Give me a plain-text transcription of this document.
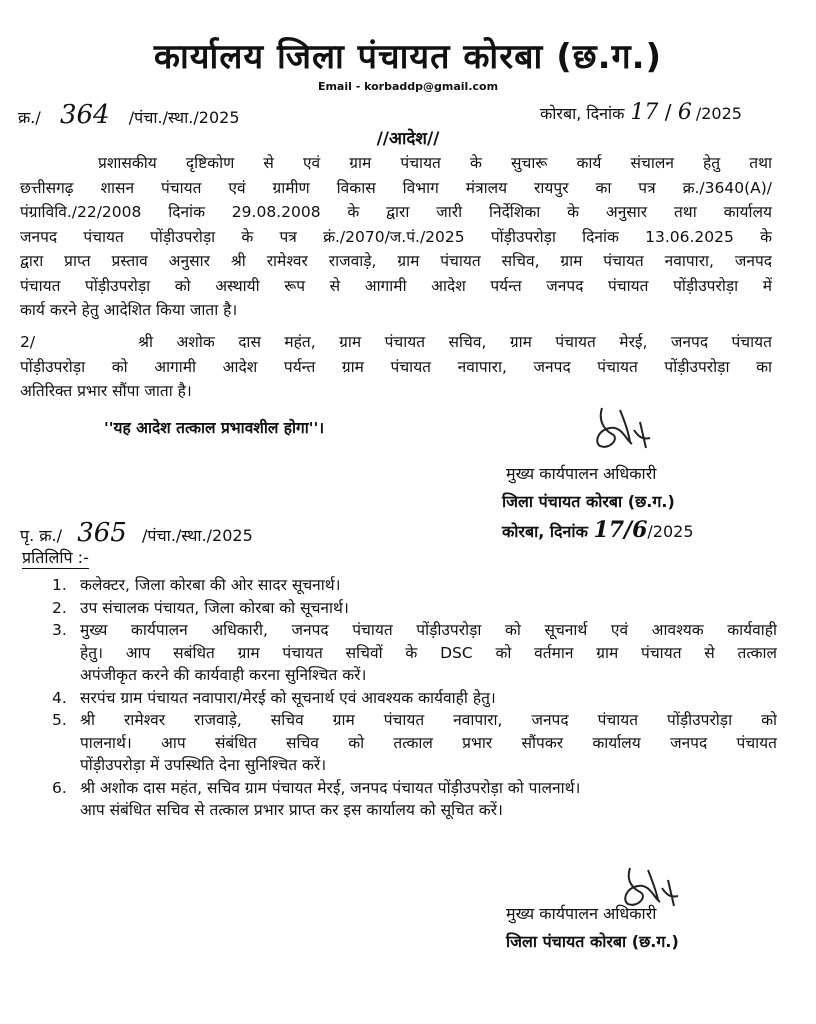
कार्यालय जिला पंचायत कोरबा (छ.ग.)
Email - korbaddp@gmail.com
क्र./ 364 /पंचा./स्था./2025	कोरबा, दिनांक 17 / 6 /2025
//आदेश//
प्रशासकीय दृष्टिकोण से एवं ग्राम पंचायत के सुचारू कार्य संचालन हेतु तथा
छत्तीसगढ़ शासन पंचायत एवं ग्रामीण विकास विभाग मंत्रालय रायपुर का पत्र क्र./3640(A)/
पंग्राविवि./22/2008 दिनांक 29.08.2008 के द्वारा जारी निर्देशिका के अनुसार तथा कार्यालय
जनपद पंचायत पोंड़ीउपरोड़ा के पत्र क्रं./2070/ज.पं./2025 पोंड़ीउपरोड़ा दिनांक 13.06.2025 के
द्वारा प्राप्त प्रस्ताव अनुसार श्री रामेश्वर राजवाड़े, ग्राम पंचायत सचिव, ग्राम पंचायत नवापारा, जनपद
पंचायत पोंड़ीउपरोड़ा को अस्थायी रूप से आगामी आदेश पर्यन्त जनपद पंचायत पोंड़ीउपरोड़ा में
कार्य करने हेतु आदेशित किया जाता है।
2/	श्री अशोक दास महंत, ग्राम पंचायत सचिव, ग्राम पंचायत मेरई, जनपद पंचायत
पोंड़ीउपरोड़ा को आगामी आदेश पर्यन्त ग्राम पंचायत नवापारा, जनपद पंचायत पोंड़ीउपरोड़ा का
अतिरिक्त प्रभार सौंपा जाता है।
''यह आदेश तत्काल प्रभावशील होगा''।
मुख्य कार्यपालन अधिकारी
जिला पंचायत कोरबा (छ.ग.)
कोरबा, दिनांक 17/6/2025
पृ. क्र./ 365 /पंचा./स्था./2025
प्रतिलिपि :-
1. कलेक्टर, जिला कोरबा की ओर सादर सूचनार्थ।
2. उप संचालक पंचायत, जिला कोरबा को सूचनार्थ।
3. मुख्य कार्यपालन अधिकारी, जनपद पंचायत पोंड़ीउपरोड़ा को सूचनार्थ एवं आवश्यक कार्यवाही
हेतु। आप सबंधित ग्राम पंचायत सचिवों के DSC को वर्तमान ग्राम पंचायत से तत्काल
अपंजीकृत करने की कार्यवाही करना सुनिश्चित करें।
4. सरपंच ग्राम पंचायत नवापारा/मेरई को सूचनार्थ एवं आवश्यक कार्यवाही हेतु।
5. श्री रामेश्वर राजवाड़े, सचिव ग्राम पंचायत नवापारा, जनपद पंचायत पोंड़ीउपरोड़ा को
पालनार्थ। आप संबंधित सचिव को तत्काल प्रभार सौंपकर कार्यालय जनपद पंचायत
पोंड़ीउपरोड़ा में उपस्थिति देना सुनिश्चित करें।
6. श्री अशोक दास महंत, सचिव ग्राम पंचायत मेरई, जनपद पंचायत पोंड़ीउपरोड़ा को पालनार्थ।
आप संबंधित सचिव से तत्काल प्रभार प्राप्त कर इस कार्यालय को सूचित करें।
मुख्य कार्यपालन अधिकारी
जिला पंचायत कोरबा (छ.ग.)
